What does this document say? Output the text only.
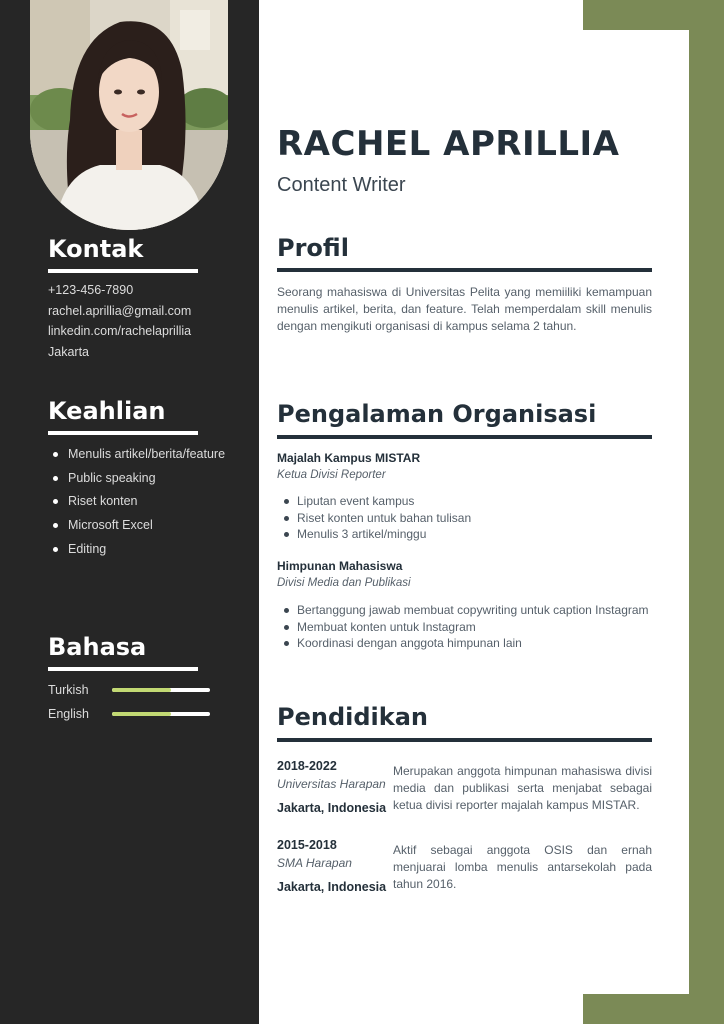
Kontak
+123-456-7890
rachel.aprillia@gmail.com
linkedin.com/rachelaprillia
Jakarta
Keahlian
Menulis artikel/berita/feature
Public speaking
Riset konten
Microsoft Excel
Editing
Bahasa
Turkish
English
RACHEL APRILLIA
Content Writer
Profil

Seorang mahasiswa di Universitas Pelita yang memiiliki kemampuan menulis artikel, berita, dan feature. Telah memperdalam skill menulis dengan mengikuti organisasi di kampus selama 2 tahun.

Pengalaman Organisasi

Majalah Kampus MISTAR

Ketua Divisi Reporter
Liputan event kampus
Riset konten untuk bahan tulisan
Menulis 3 artikel/minggu

Himpunan Mahasiswa

Divisi Media dan Publikasi
Bertanggung jawab membuat copywriting untuk caption Instagram
Membuat konten untuk Instagram
Koordinasi dengan anggota himpunan lain
Pendidikan
2018-2022
Universitas Harapan
Jakarta, Indonesia

Merupakan anggota himpunan mahasiswa divisi media dan publikasi serta menjabat sebagai ketua divisi reporter majalah kampus MISTAR.

2015-2018
SMA Harapan
Jakarta, Indonesia

Aktif sebagai anggota OSIS dan ernah menjuarai lomba menulis antarsekolah pada tahun 2016.
